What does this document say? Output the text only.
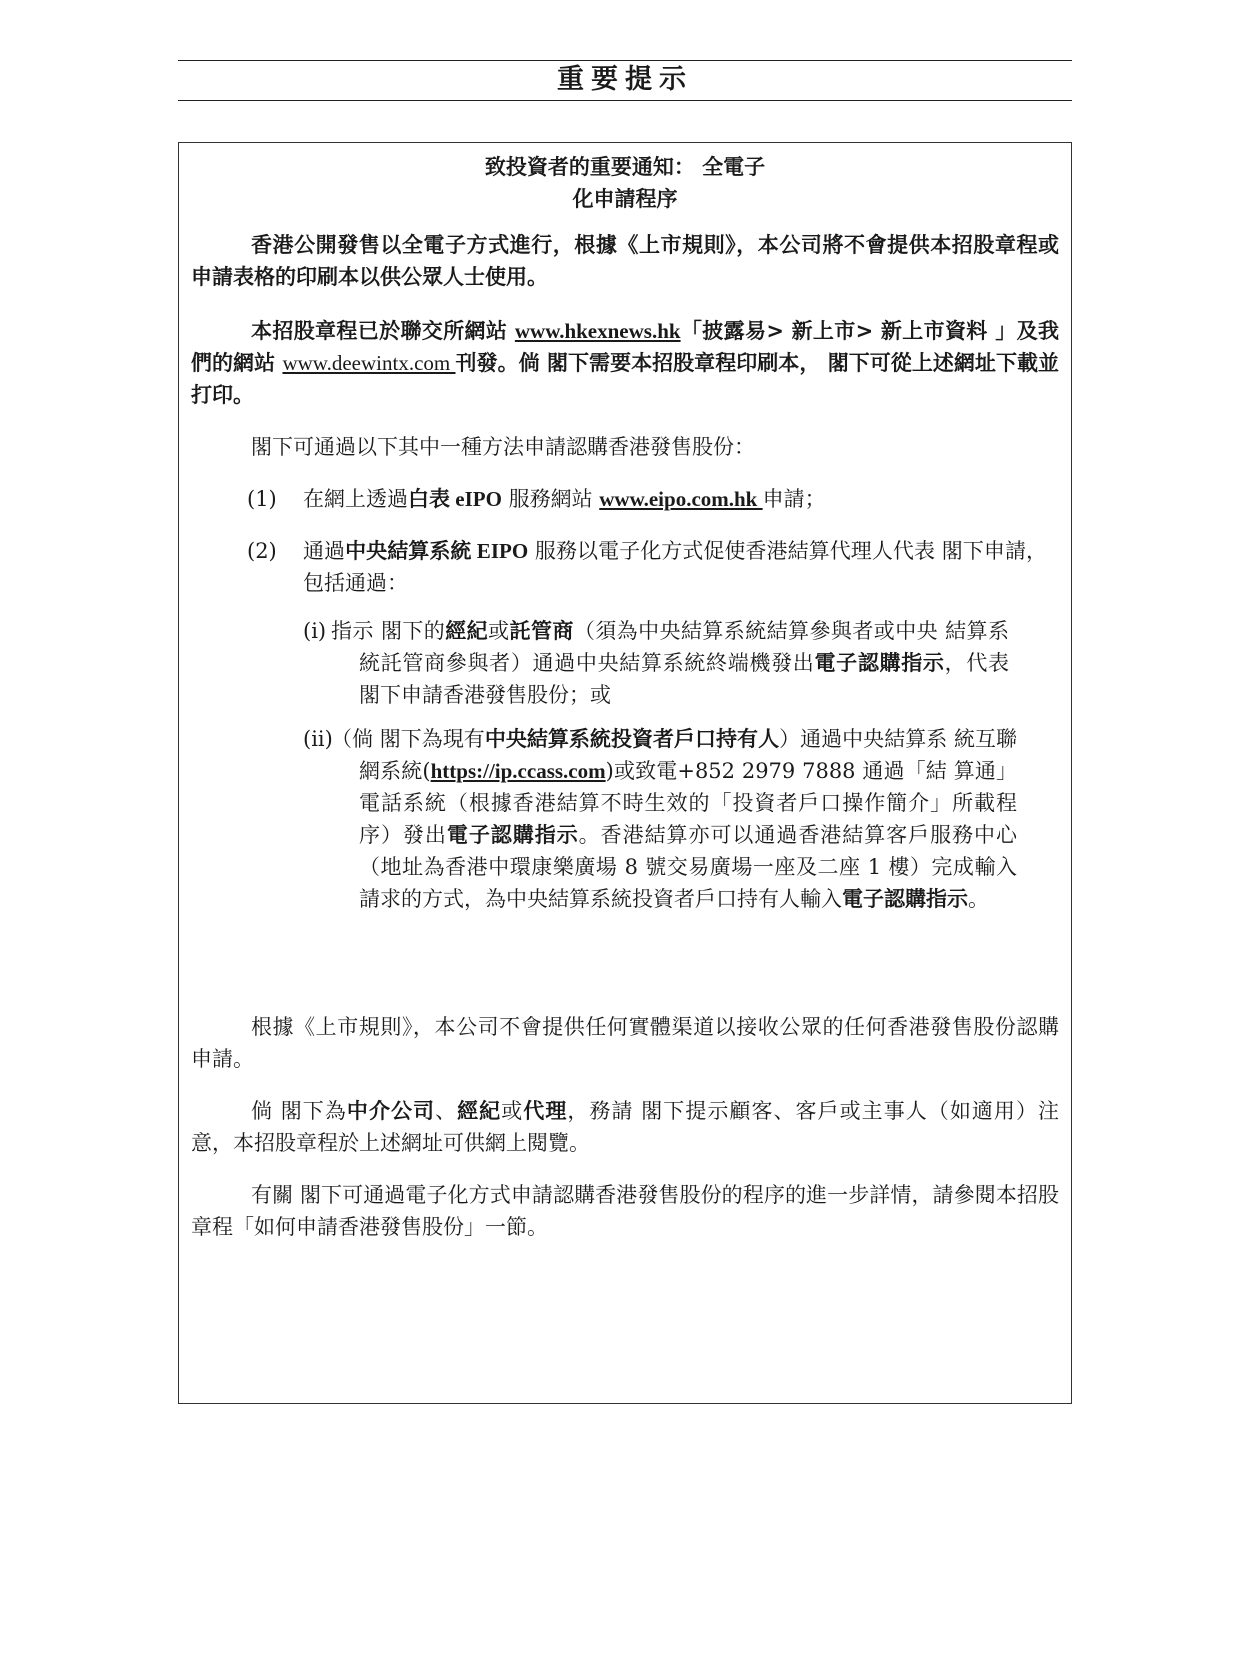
重要提示
致投資者的重要通知： 全電子
化申請程序

香港公開發售以全電子方式進行，根據《上市規則》，本公司將不會提供本招股章程或申請表格的印刷本以供公眾人士使用。

本招股章程已於聯交所網站 www.hkexnews.hk「披露易> 新上市> 新上市資料 」及我們的網站 www.deewintx.com 刊發。倘 閣下需要本招股章程印刷本， 閣下可從上述網址下載並打印。

閣下可通過以下其中一種方法申請認購香港發售股份：

(1) 在網上透過白表 eIPO 服務網站 www.eipo.com.hk 申請；
(2) 通過中央結算系統 EIPO 服務以電子化方式促使香港結算代理人代表 閣下申請，包括通過：
(i) 指示 閣下的經紀或託管商（須為中央結算系統結算參與者或中央 結算系統託管商參與者）通過中央結算系統終端機發出電子認購指示，代表 閣下申請香港發售股份；或
(ii)
（倘 閣下為現有中央結算系統投資者戶口持有人）通過中央結算系 統互聯網系統(https://ip.ccass.com)或致電+852 2979 7888 通過「結 算通」電話系統（根據香港結算不時生效的「投資者戶口操作簡介」所載程序）發出電子認購指示。香港結算亦可以通過香港結算客戶服務中心（地址為香港中環康樂廣場 8 號交易廣場一座及二座 1 樓）完成輸入請求的方式，為中央結算系統投資者戶口持有人輸入電子認購指示。

根據《上市規則》，本公司不會提供任何實體渠道以接收公眾的任何香港發售股份認購申請。

倘 閣下為中介公司、經紀或代理，務請 閣下提示顧客、客戶或主事人（如適用）注意，本招股章程於上述網址可供網上閱覽。

有關 閣下可通過電子化方式申請認購香港發售股份的程序的進一步詳情，請參閱本招股章程「如何申請香港發售股份」一節。
